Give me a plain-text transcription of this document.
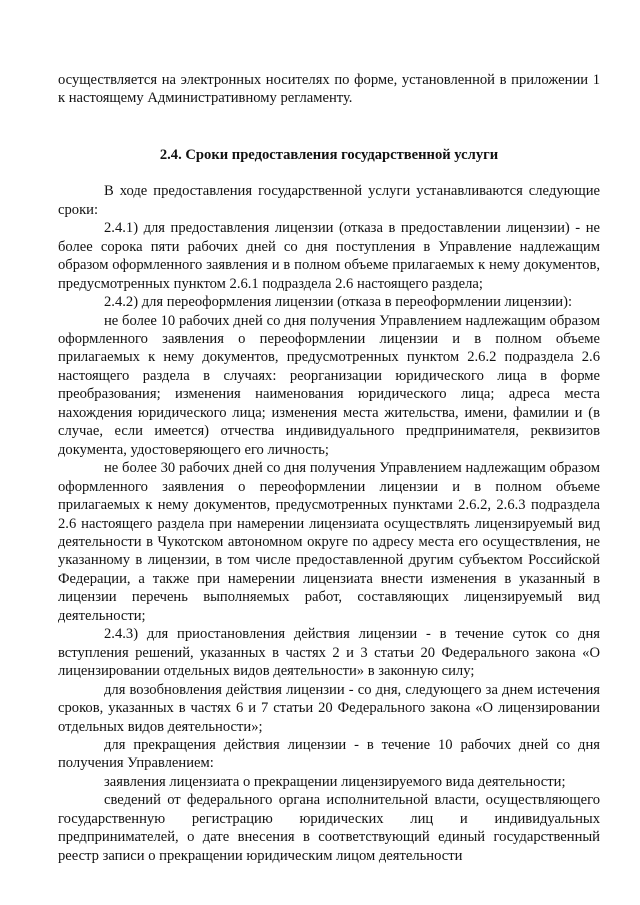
осуществляется на электронных носителях по форме, установленной в приложении 1 к настоящему Административному регламенту.

2.4. Сроки предоставления государственной услуги

В ходе предоставления государственной услуги устанавливаются следующие сроки:

2.4.1) для предоставления лицензии (отказа в предоставлении лицензии) - не более сорока пяти рабочих дней со дня поступления в Управление надлежащим образом оформленного заявления и в полном объеме прилагаемых к нему документов, предусмотренных пунктом 2.6.1 подраздела 2.6 настоящего раздела;

2.4.2) для переоформления лицензии (отказа в переоформлении лицензии):

не более 10 рабочих дней со дня получения Управлением надлежащим образом оформленного заявления о переоформлении лицензии и в полном объеме прилагаемых к нему документов, предусмотренных пунктом 2.6.2 подраздела 2.6 настоящего раздела в случаях: реорганизации юридического лица в форме преобразования; изменения наименования юридического лица; адреса места нахождения юридического лица; изменения места жительства, имени, фамилии и (в случае, если имеется) отчества индивидуального предпринимателя, реквизитов документа, удостоверяющего его личность;

не более 30 рабочих дней со дня получения Управлением надлежащим образом оформленного заявления о переоформлении лицензии и в полном объеме прилагаемых к нему документов, предусмотренных пунктами 2.6.2, 2.6.3 подраздела 2.6 настоящего раздела при намерении лицензиата осуществлять лицензируемый вид деятельности в Чукотском автономном округе по адресу места его осуществления, не указанному в лицензии, в том числе предоставленной другим субъектом Российской Федерации, а также при намерении лицензиата внести изменения в указанный в лицензии перечень выполняемых работ, составляющих лицензируемый вид деятельности;

2.4.3) для приостановления действия лицензии - в течение суток со дня вступления решений, указанных в частях 2 и 3 статьи 20 Федерального закона «О лицензировании отдельных видов деятельности» в законную силу;

для возобновления действия лицензии - со дня, следующего за днем истечения сроков, указанных в частях 6 и 7 статьи 20 Федерального закона «О лицензировании отдельных видов деятельности»;

для прекращения действия лицензии - в течение 10 рабочих дней со дня получения Управлением:

заявления лицензиата о прекращении лицензируемого вида деятельности;

сведений от федерального органа исполнительной власти, осуществляющего государственную регистрацию юридических лиц и индивидуальных предпринимателей, о дате внесения в соответствующий единый государственный реестр записи о прекращении юридическим лицом деятельности
